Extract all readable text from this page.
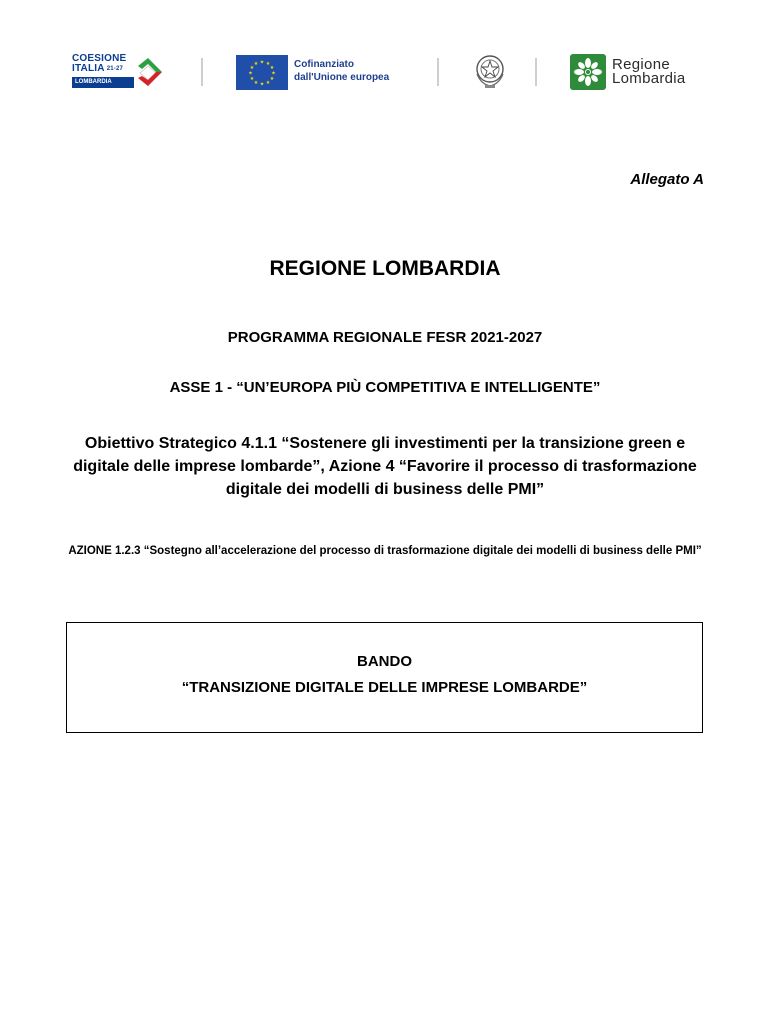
COESIONE
ITALIA $^{21-27}$
LOMBARDIA
★ ★
★
★
★
★
★
★
★
★
★
★	Cofinanziato
dall'Unione europea
Regione
Lombardia
Allegato A
REGIONE LOMBARDIA
PROGRAMMA REGIONALE FESR 2021-2027
ASSE 1 - “UN’EUROPA PIÙ COMPETITIVA E INTELLIGENTE”
Obiettivo Strategico 4.1.1 “Sostenere gli investimenti per la transizione green e digitale delle imprese lombarde”, Azione 4 “Favorire il processo di trasformazione digitale dei modelli di business delle PMI”
AZIONE 1.2.3 “Sostegno all’accelerazione del processo di trasformazione digitale dei modelli di business delle PMI”
BANDO
“TRANSIZIONE DIGITALE DELLE IMPRESE LOMBARDE”
